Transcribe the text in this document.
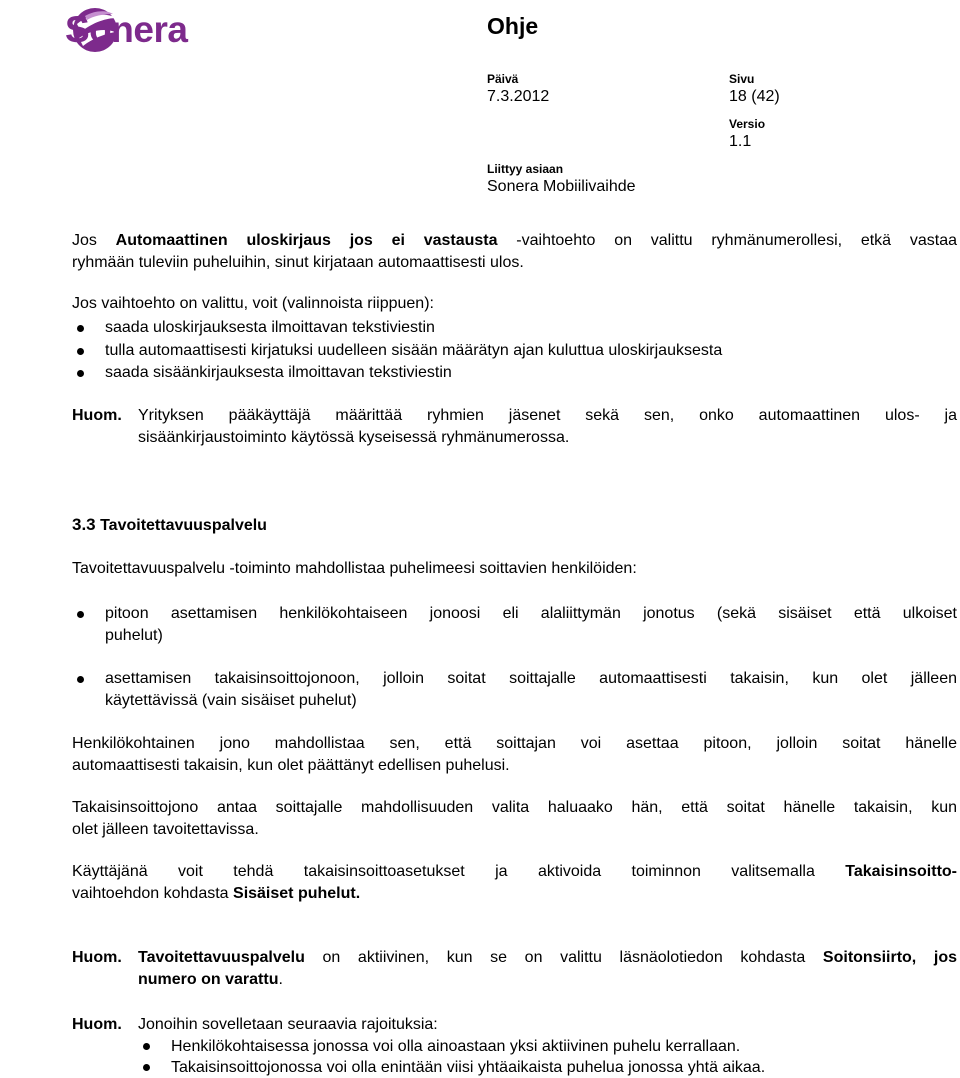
Sonera	Ohje
Päivä
7.3.2012
Sivu
18 (42)
Versio
1.1
Liittyy asiaan
Sonera Mobiilivaihde
Jos Automaattinen uloskirjaus jos ei vastausta -vaihtoehto on valittu ryhmänumerollesi, etkä vastaa
ryhmään tuleviin puheluihin, sinut kirjataan automaattisesti ulos.
Jos vaihtoehto on valittu, voit (valinnoista riippuen):
saada uloskirjauksesta ilmoittavan tekstiviestin
tulla automaattisesti kirjatuksi uudelleen sisään määrätyn ajan kuluttua uloskirjauksesta
saada sisäänkirjauksesta ilmoittavan tekstiviestin
Huom. Yrityksen pääkäyttäjä määrittää ryhmien jäsenet sekä sen, onko automaattinen ulos- ja
sisäänkirjaustoiminto käytössä kyseisessä ryhmänumerossa.
3.3 Tavoitettavuuspalvelu
Tavoitettavuuspalvelu -toiminto mahdollistaa puhelimeesi soittavien henkilöiden:
pitoon asettamisen henkilökohtaiseen jonoosi eli alaliittymän jonotus (sekä sisäiset että ulkoiset
puhelut)
asettamisen takaisinsoittojonoon, jolloin soitat soittajalle automaattisesti takaisin, kun olet jälleen
käytettävissä (vain sisäiset puhelut)
Henkilökohtainen jono mahdollistaa sen, että soittajan voi asettaa pitoon, jolloin soitat hänelle
automaattisesti takaisin, kun olet päättänyt edellisen puhelusi.
Takaisinsoittojono antaa soittajalle mahdollisuuden valita haluaako hän, että soitat hänelle takaisin, kun
olet jälleen tavoitettavissa.
Käyttäjänä voit tehdä takaisinsoittoasetukset ja aktivoida toiminnon valitsemalla Takaisinsoitto-
vaihtoehdon kohdasta Sisäiset puhelut.
Huom. Tavoitettavuuspalvelu on aktiivinen, kun se on valittu läsnäolotiedon kohdasta Soitonsiirto, jos
numero on varattu.
Huom. Jonoihin sovelletaan seuraavia rajoituksia:
Henkilökohtaisessa jonossa voi olla ainoastaan yksi aktiivinen puhelu kerrallaan.
Takaisinsoittojonossa voi olla enintään viisi yhtäaikaista puhelua jonossa yhtä aikaa.
